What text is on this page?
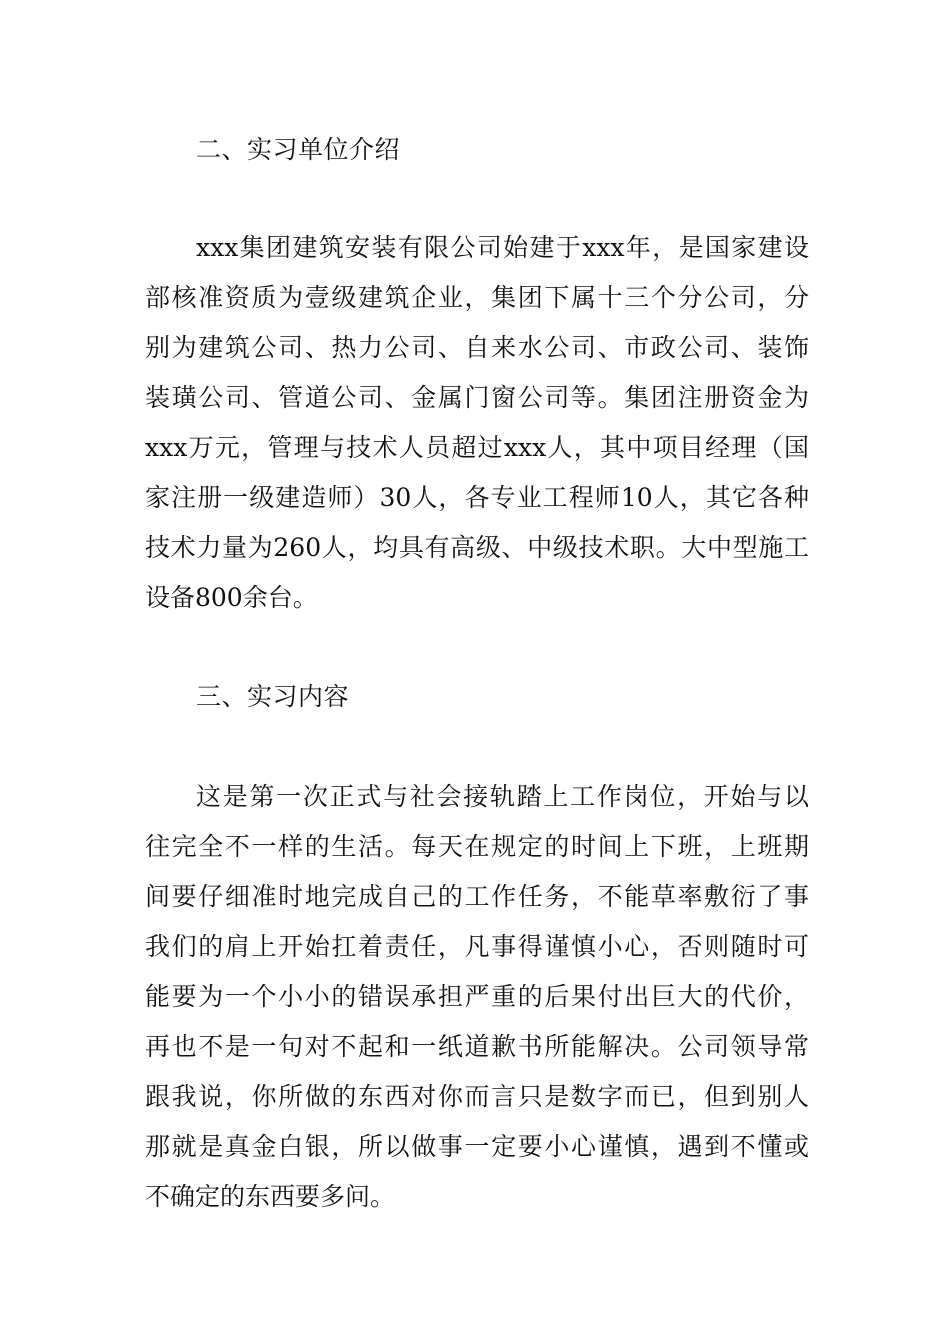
二、实习单位介绍
xxx集团建筑安装有限公司始建于xxx年，是国家建设
部核准资质为壹级建筑企业，集团下属十三个分公司，分
别为建筑公司、热力公司、自来水公司、市政公司、装饰
装璜公司、管道公司、金属门窗公司等。集团注册资金为
xxx万元，管理与技术人员超过xxx人，其中项目经理（国
家注册一级建造师）30人，各专业工程师10人，其它各种
技术力量为260人，均具有高级、中级技术职。大中型施工
设备800余台。
三、实习内容
这是第一次正式与社会接轨踏上工作岗位，开始与以
往完全不一样的生活。每天在规定的时间上下班，上班期
间要仔细准时地完成自己的工作任务，不能草率敷衍了事
我们的肩上开始扛着责任，凡事得谨慎小心，否则随时可
能要为一个小小的错误承担严重的后果付出巨大的代价，
再也不是一句对不起和一纸道歉书所能解决。公司领导常
跟我说，你所做的东西对你而言只是数字而已，但到别人
那就是真金白银，所以做事一定要小心谨慎，遇到不懂或
不确定的东西要多问。
